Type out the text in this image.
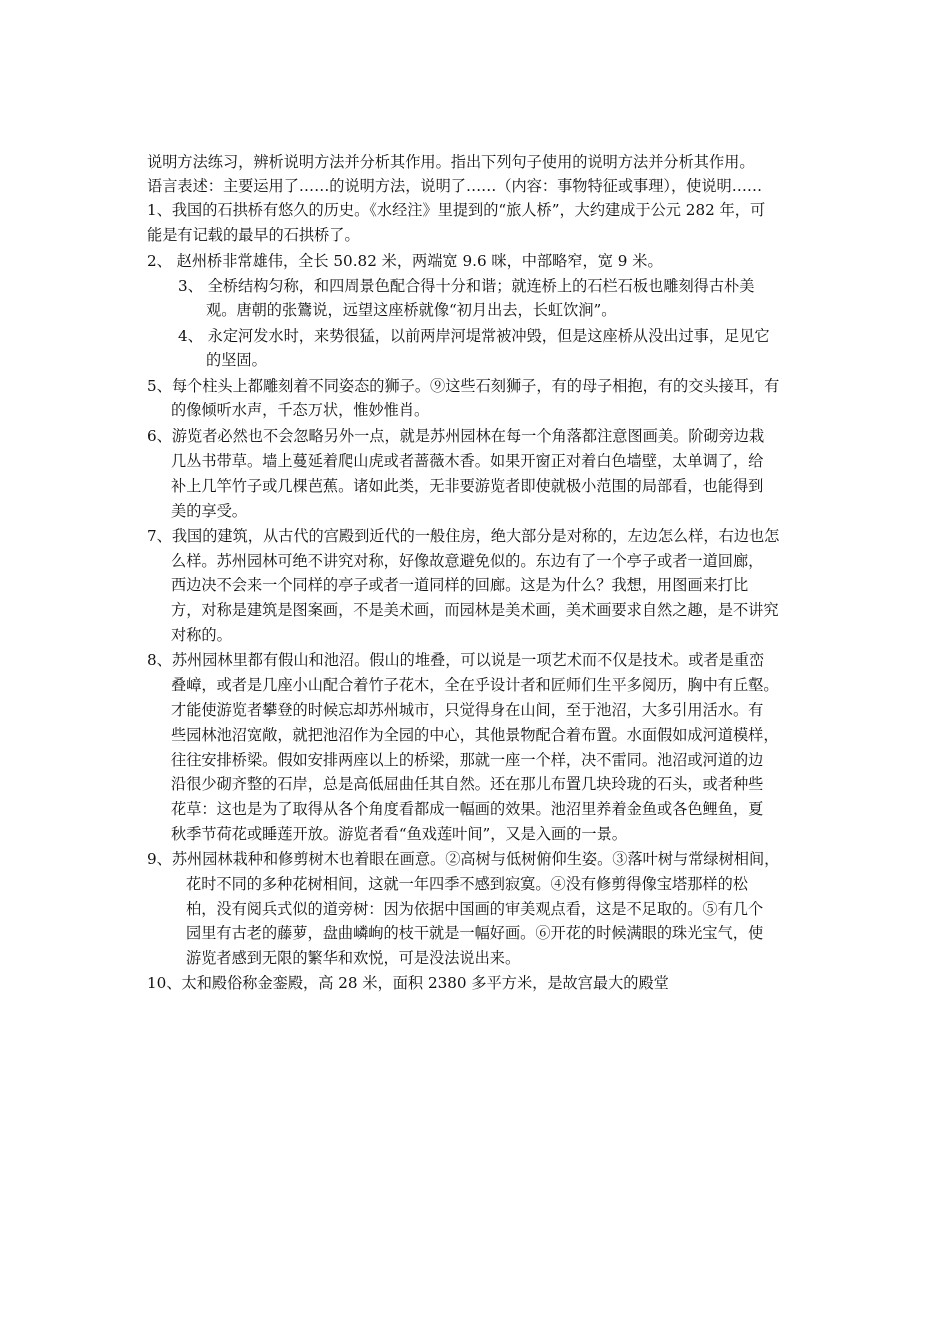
说明方法练习，辨析说明方法并分析其作用。指出下列句子使用的说明方法并分析其作用。
语言表述：主要运用了……的说明方法，说明了……（内容：事物特征或事理），使说明……
1、我国的石拱桥有悠久的历史。《水经注》里提到的“旅人桥”，大约建成于公元 282 年，可
能是有记载的最早的石拱桥了。
2、 赵州桥非常雄伟，全长 50.82 米，两端宽 9.6 咪，中部略窄，宽 9 米。
3、 全桥结构匀称，和四周景色配合得十分和谐；就连桥上的石栏石板也雕刻得古朴美
观。唐朝的张鷟说，远望这座桥就像“初月出去，长虹饮涧”。
4、 永定河发水时，来势很猛，以前两岸河堤常被冲毁，但是这座桥从没出过事，足见它
的坚固。
5、每个柱头上都雕刻着不同姿态的狮子。⑨这些石刻狮子，有的母子相抱，有的交头接耳，有
的像倾听水声，千态万状，惟妙惟肖。
6、游览者必然也不会忽略另外一点，就是苏州园林在每一个角落都注意图画美。阶砌旁边栽
几丛书带草。墙上蔓延着爬山虎或者蔷薇木香。如果开窗正对着白色墙壁，太单调了，给
补上几竿竹子或几棵芭蕉。诸如此类，无非要游览者即使就极小范围的局部看，也能得到
美的享受。
7、我国的建筑，从古代的宫殿到近代的一般住房，绝大部分是对称的，左边怎么样，右边也怎
么样。苏州园林可绝不讲究对称，好像故意避免似的。东边有了一个亭子或者一道回廊，
西边决不会来一个同样的亭子或者一道同样的回廊。这是为什么？我想，用图画来打比
方，对称是建筑是图案画，不是美术画，而园林是美术画，美术画要求自然之趣，是不讲究
对称的。
8、苏州园林里都有假山和池沼。假山的堆叠，可以说是一项艺术而不仅是技术。或者是重峦
叠嶂，或者是几座小山配合着竹子花木，全在乎设计者和匠师们生平多阅历，胸中有丘壑。
才能使游览者攀登的时候忘却苏州城市，只觉得身在山间，至于池沼，大多引用活水。有
些园林池沼宽敞，就把池沼作为全园的中心，其他景物配合着布置。水面假如成河道模样，
往往安排桥梁。假如安排两座以上的桥梁，那就一座一个样，决不雷同。池沼或河道的边
沿很少砌齐整的石岸，总是高低屈曲任其自然。还在那儿布置几块玲珑的石头，或者种些
花草：这也是为了取得从各个角度看都成一幅画的效果。池沼里养着金鱼或各色鲤鱼，夏
秋季节荷花或睡莲开放。游览者看“鱼戏莲叶间”，又是入画的一景。
9、苏州园林栽种和修剪树木也着眼在画意。②高树与低树俯仰生姿。③落叶树与常绿树相间，
花时不同的多种花树相间，这就一年四季不感到寂寞。④没有修剪得像宝塔那样的松
柏，没有阅兵式似的道旁树：因为依据中国画的审美观点看，这是不足取的。⑤有几个
园里有古老的藤萝，盘曲嶙峋的枝干就是一幅好画。⑥开花的时候满眼的珠光宝气，使
游览者感到无限的繁华和欢悦，可是没法说出来。
10、太和殿俗称金銮殿，高 28 米，面积 2380 多平方米，是故宫最大的殿堂
